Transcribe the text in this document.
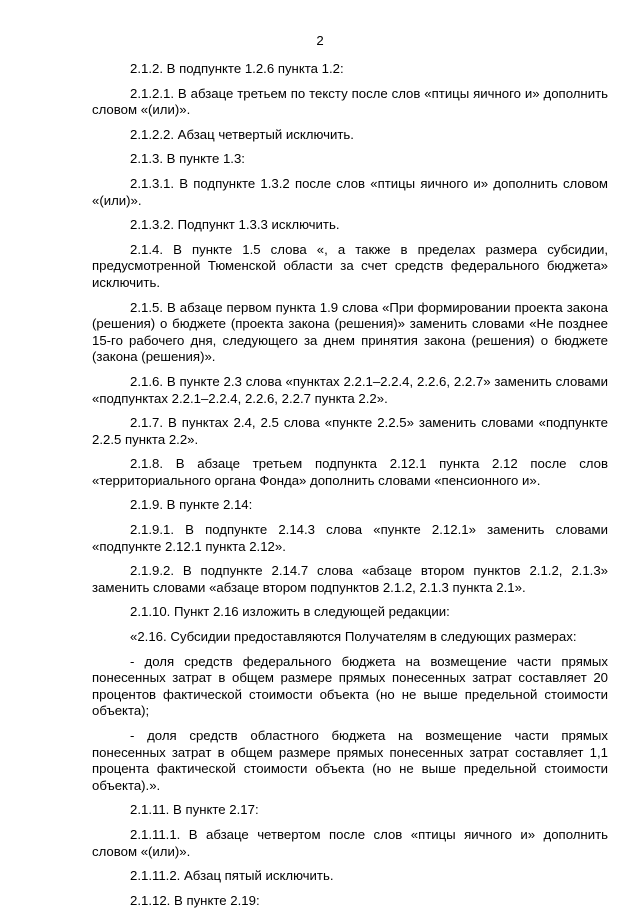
2

2.1.2. В подпункте 1.2.6 пункта 1.2:

2.1.2.1. В абзаце третьем по тексту после слов «птицы яичного и» дополнить словом «(или)».

2.1.2.2. Абзац четвертый исключить.

2.1.3. В пункте 1.3:

2.1.3.1. В подпункте 1.3.2 после слов «птицы яичного и» дополнить словом «(или)».

2.1.3.2. Подпункт 1.3.3 исключить.

2.1.4. В пункте 1.5 слова «, а также в пределах размера субсидии, предусмотренной Тюменской области за счет средств федерального бюджета» исключить.

2.1.5. В абзаце первом пункта 1.9 слова «При формировании проекта закона (решения) о бюджете (проекта закона (решения)» заменить словами «Не позднее 15-го рабочего дня, следующего за днем принятия закона (решения) о бюджете (закона (решения)».

2.1.6. В пункте 2.3 слова «пунктах 2.2.1–2.2.4, 2.2.6, 2.2.7» заменить словами «подпунктах 2.2.1–2.2.4, 2.2.6, 2.2.7 пункта 2.2».

2.1.7. В пунктах 2.4, 2.5 слова «пункте 2.2.5» заменить словами «подпункте 2.2.5 пункта 2.2».

2.1.8. В абзаце третьем подпункта 2.12.1 пункта 2.12 после слов «территориального органа Фонда» дополнить словами «пенсионного и».

2.1.9. В пункте 2.14:

2.1.9.1. В подпункте 2.14.3 слова «пункте 2.12.1» заменить словами «подпункте 2.12.1 пункта 2.12».

2.1.9.2. В подпункте 2.14.7 слова «абзаце втором пунктов 2.1.2, 2.1.3» заменить словами «абзаце втором подпунктов 2.1.2, 2.1.3 пункта 2.1».

2.1.10. Пункт 2.16 изложить в следующей редакции:

«2.16. Субсидии предоставляются Получателям в следующих размерах:

- доля средств федерального бюджета на возмещение части прямых понесенных затрат в общем размере прямых понесенных затрат составляет 20 процентов фактической стоимости объекта (но не выше предельной стоимости объекта);

- доля средств областного бюджета на возмещение части прямых понесенных затрат в общем размере прямых понесенных затрат составляет 1,1 процента фактической стоимости объекта (но не выше предельной стоимости объекта).».

2.1.11. В пункте 2.17:

2.1.11.1. В абзаце четвертом после слов «птицы яичного и» дополнить словом «(или)».

2.1.11.2. Абзац пятый исключить.

2.1.12. В пункте 2.19:
